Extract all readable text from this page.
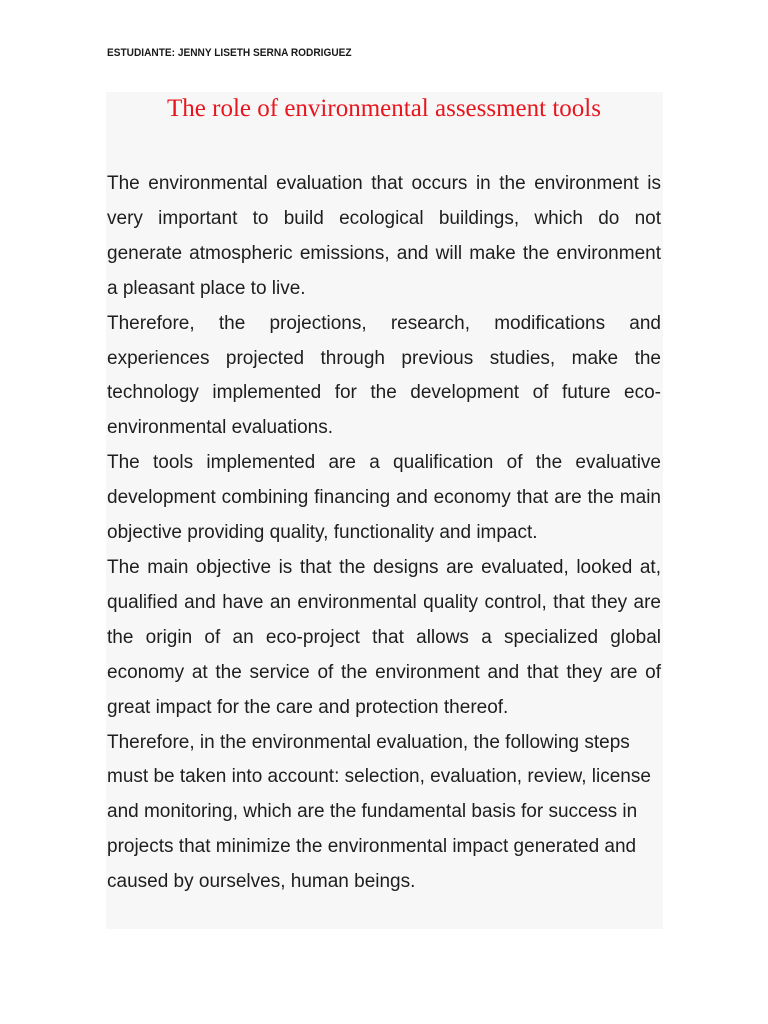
ESTUDIANTE: JENNY LISETH SERNA RODRIGUEZ
The role of environmental assessment tools

The environmental evaluation that occurs in the environment is very important to build ecological buildings, which do not generate atmospheric emissions, and will make the environment a pleasant place to live.

Therefore, the projections, research, modifications and experiences projected through previous studies, make the technology implemented for the development of future eco-environmental evaluations.

The tools implemented are a qualification of the evaluative development combining financing and economy that are the main objective providing quality, functionality and impact.

The main objective is that the designs are evaluated, looked at, qualified and have an environmental quality control, that they are the origin of an eco-project that allows a specialized global economy at the service of the environment and that they are of great impact for the care and protection thereof.

Therefore, in the environmental evaluation, the following steps must be taken into account: selection, evaluation, review, license and monitoring, which are the fundamental basis for success in projects that minimize the environmental impact generated and caused by ourselves, human beings.
